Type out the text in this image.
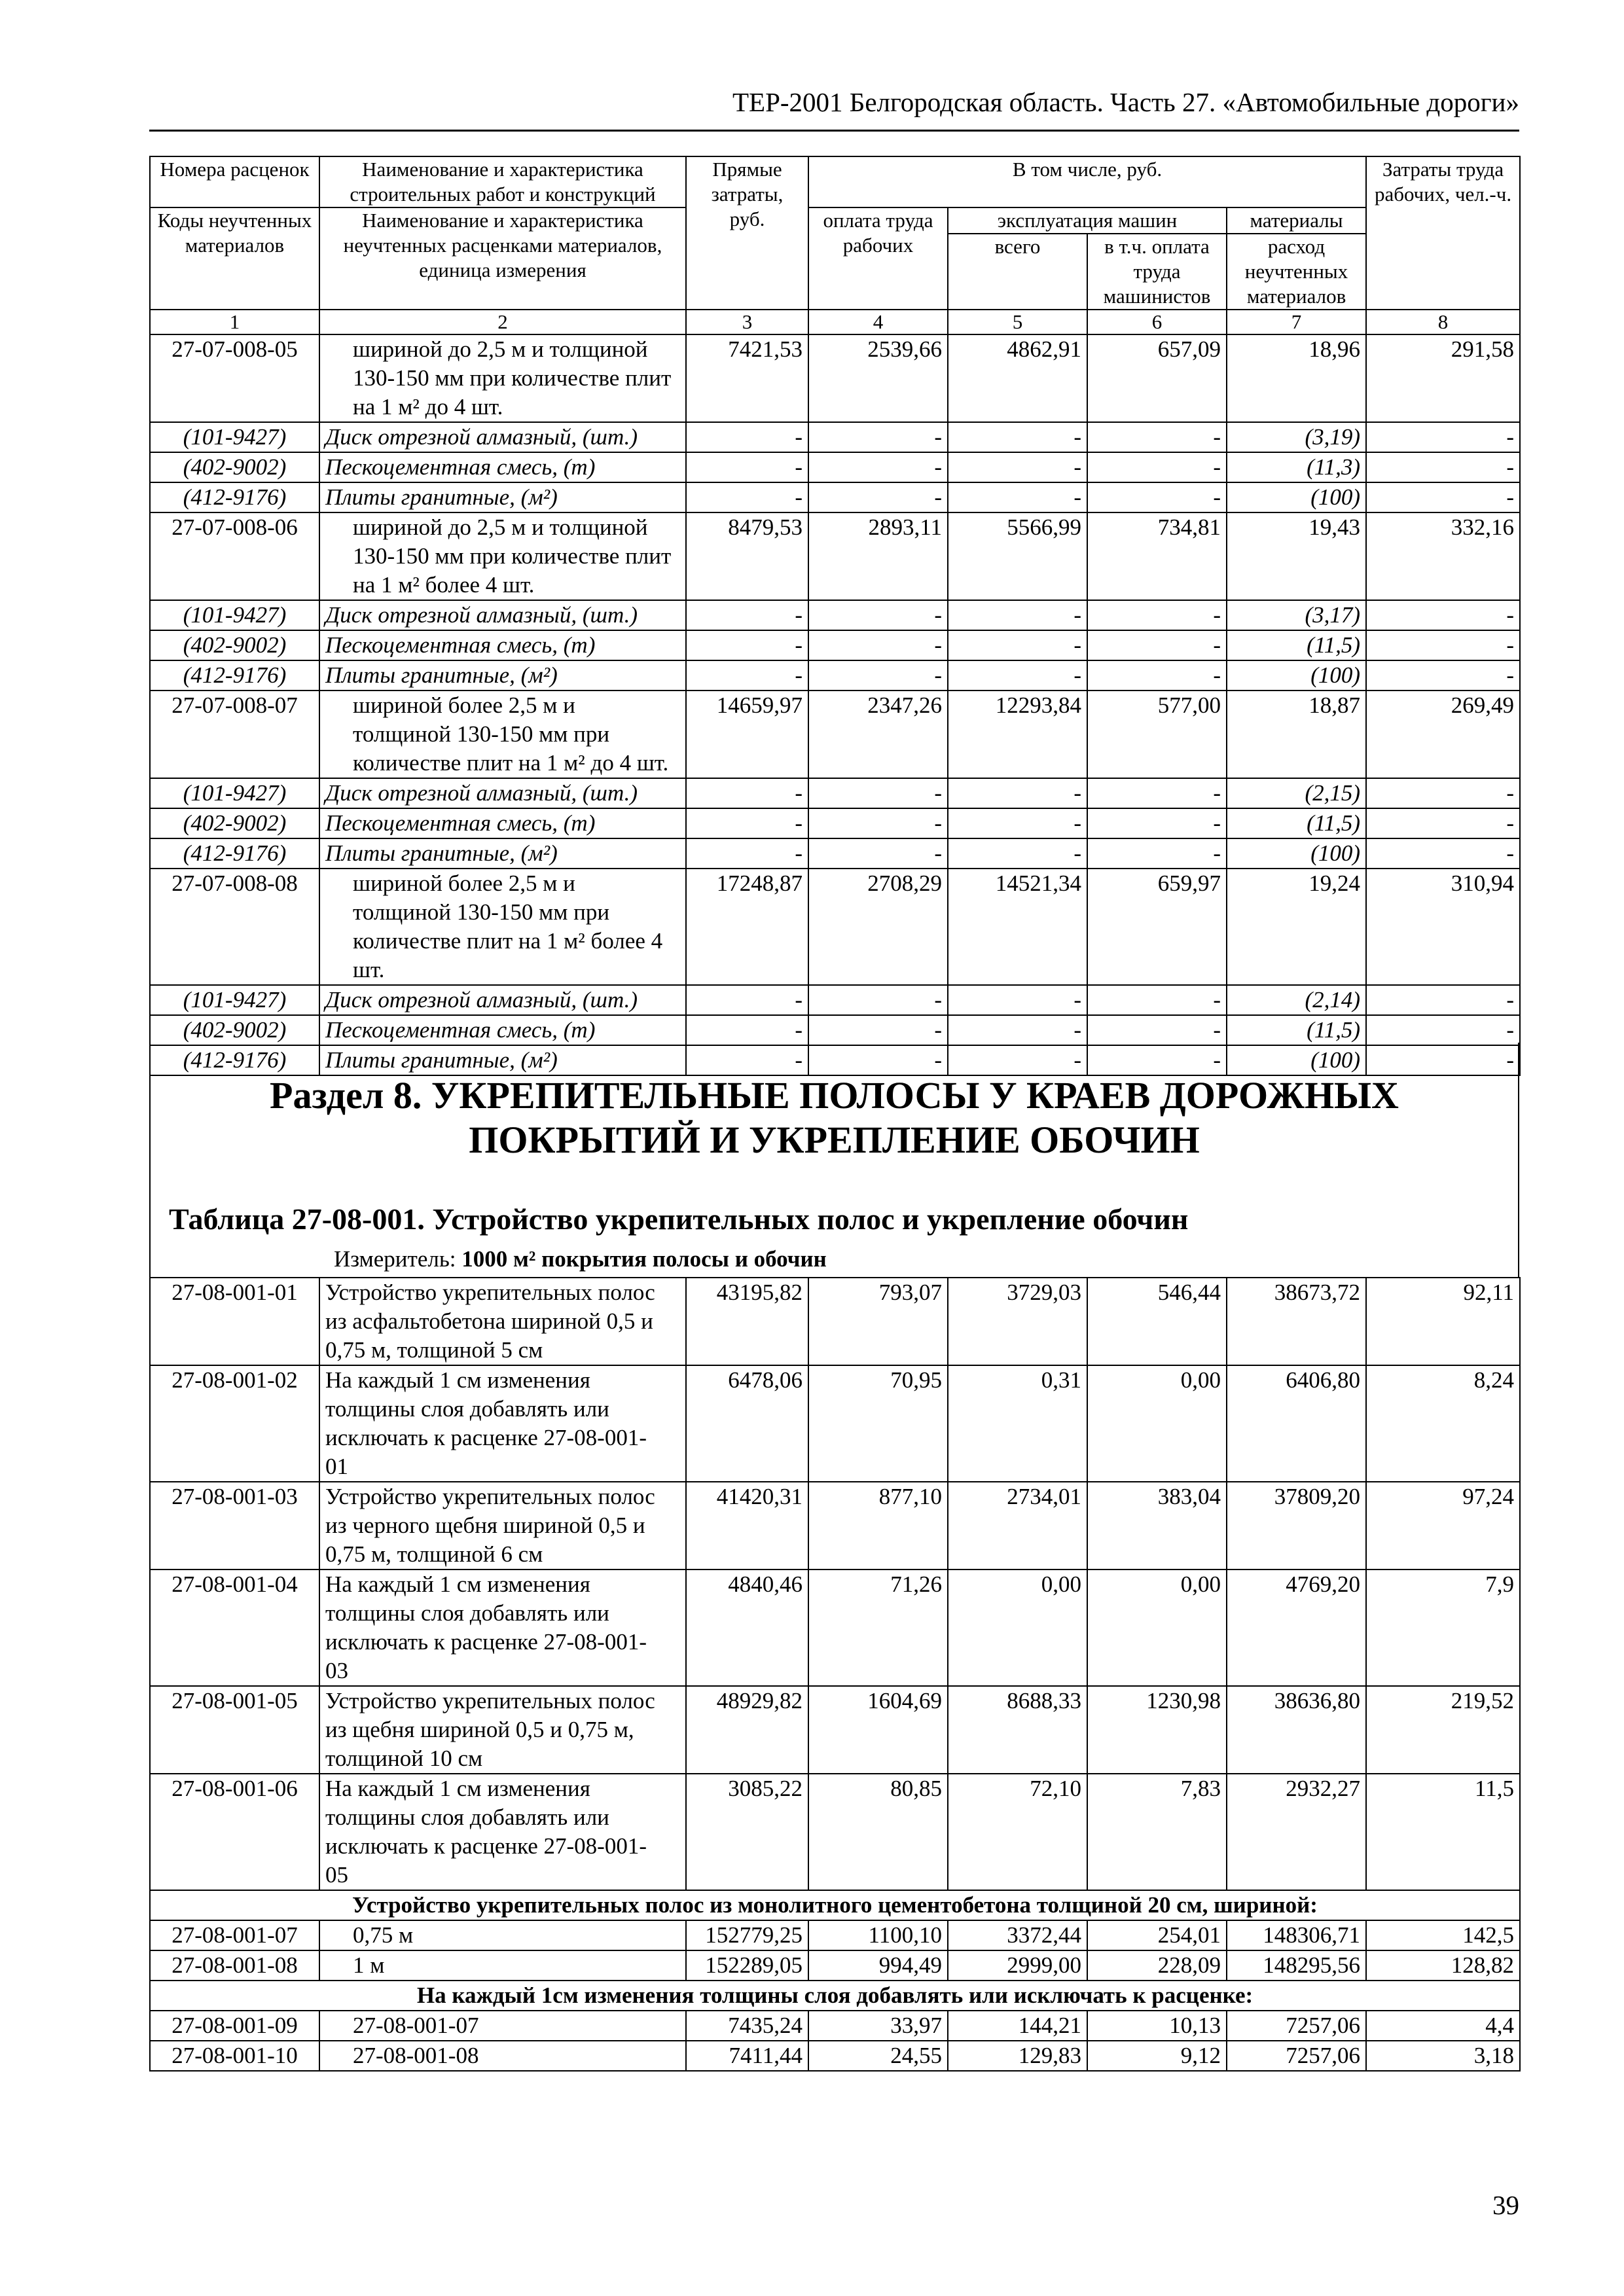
ТЕР-2001 Белгородская область. Часть 27. «Автомобильные дороги»
Номера расценок	Наименование и характеристика строительных работ и конструкций	Прямые затраты, руб.	В том числе, руб.				Затраты труда рабочих, чел.-ч.
Коды неучтенных материалов	Наименование и характеристика неучтенных расценками материалов, единица измерения		оплата труда рабочих	эксплуатация машин		материалы	
				всего	в т.ч. оплата труда машинистов	расход неучтенных материалов	
1	2	3	4	5	6	7	8
27-07-008-05	шириной до 2,5 м и толщиной
130-150 мм при количестве плит
на 1 м² до 4 шт.	7421,53	2539,66	4862,91	657,09	18,96	291,58
(101-9427)	Диск отрезной алмазный, (шт.)	-	-	-	-	(3,19)	-
(402-9002)	Пескоцементная смесь, (т)	-	-	-	-	(11,3)	-
(412-9176)	Плиты гранитные, (м²)	-	-	-	-	(100)	-
27-07-008-06	шириной до 2,5 м и толщиной
130-150 мм при количестве плит
на 1 м² более 4 шт.	8479,53	2893,11	5566,99	734,81	19,43	332,16
(101-9427)	Диск отрезной алмазный, (шт.)	-	-	-	-	(3,17)	-
(402-9002)	Пескоцементная смесь, (т)	-	-	-	-	(11,5)	-
(412-9176)	Плиты гранитные, (м²)	-	-	-	-	(100)	-
27-07-008-07	шириной более 2,5 м и
толщиной 130-150 мм при
количестве плит на 1 м² до 4 шт.	14659,97	2347,26	12293,84	577,00	18,87	269,49
(101-9427)	Диск отрезной алмазный, (шт.)	-	-	-	-	(2,15)	-
(402-9002)	Пескоцементная смесь, (т)	-	-	-	-	(11,5)	-
(412-9176)	Плиты гранитные, (м²)	-	-	-	-	(100)	-
27-07-008-08	шириной более 2,5 м и
толщиной 130-150 мм при
количестве плит на 1 м² более 4
шт.	17248,87	2708,29	14521,34	659,97	19,24	310,94
(101-9427)	Диск отрезной алмазный, (шт.)	-	-	-	-	(2,14)	-
(402-9002)	Пескоцементная смесь, (т)	-	-	-	-	(11,5)	-
(412-9176)	Плиты гранитные, (м²)	-	-	-	-	(100)	-
Раздел 8. УКРЕПИТЕЛЬНЫЕ ПОЛОСЫ У КРАЕВ ДОРОЖНЫХ
ПОКРЫТИЙ И УКРЕПЛЕНИЕ ОБОЧИН
Таблица 27-08-001. Устройство укрепительных полос и укрепление обочин
Измеритель: 1000 м² покрытия полосы и обочин
27-08-001-01	Устройство укрепительных полос
из асфальтобетона шириной 0,5 и
0,75 м, толщиной 5 см	43195,82	793,07	3729,03	546,44	38673,72	92,11
27-08-001-02	На каждый 1 см изменения
толщины слоя добавлять или
исключать к расценке 27-08-001-
01	6478,06	70,95	0,31	0,00	6406,80	8,24
27-08-001-03	Устройство укрепительных полос
из черного щебня шириной 0,5 и
0,75 м, толщиной 6 см	41420,31	877,10	2734,01	383,04	37809,20	97,24
27-08-001-04	На каждый 1 см изменения
толщины слоя добавлять или
исключать к расценке 27-08-001-
03	4840,46	71,26	0,00	0,00	4769,20	7,9
27-08-001-05	Устройство укрепительных полос
из щебня шириной 0,5 и 0,75 м,
толщиной 10 см	48929,82	1604,69	8688,33	1230,98	38636,80	219,52
27-08-001-06	На каждый 1 см изменения
толщины слоя добавлять или
исключать к расценке 27-08-001-
05	3085,22	80,85	72,10	7,83	2932,27	11,5
Устройство укрепительных полос из монолитного цементобетона толщиной 20 см, шириной:							
27-08-001-07	0,75 м	152779,25	1100,10	3372,44	254,01	148306,71	142,5
27-08-001-08	1 м	152289,05	994,49	2999,00	228,09	148295,56	128,82
На каждый 1см изменения толщины слоя добавлять или исключать к расценке:							
27-08-001-09	27-08-001-07	7435,24	33,97	144,21	10,13	7257,06	4,4
27-08-001-10	27-08-001-08	7411,44	24,55	129,83	9,12	7257,06	3,18
39
